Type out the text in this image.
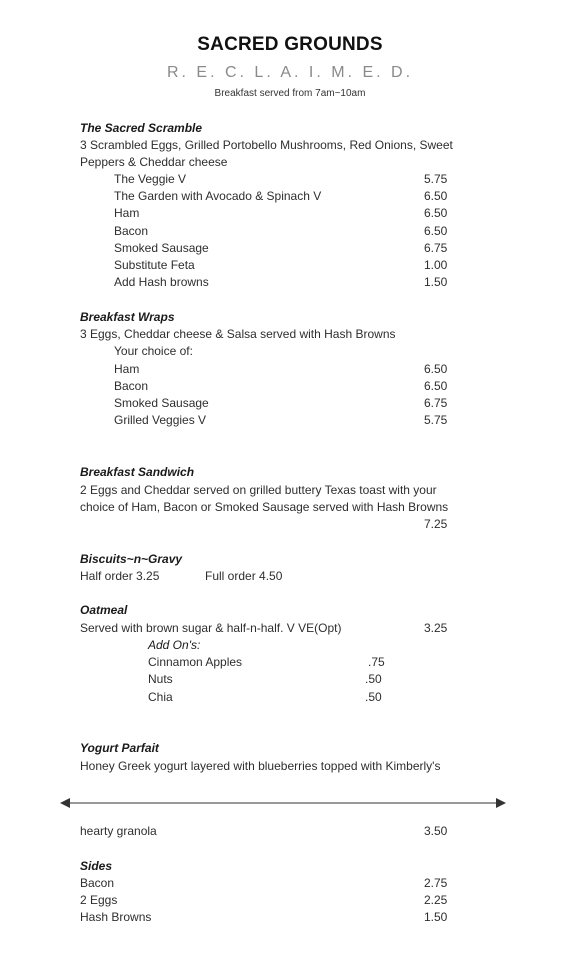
SACRED GROUNDS
R. E. C. L. A. I. M. E. D.
Breakfast served from 7am~10am
The Sacred Scramble
3 Scrambled Eggs, Grilled Portobello Mushrooms, Red Onions, Sweet
Peppers & Cheddar cheese
The Veggie V	5.75
The Garden with Avocado & Spinach V	6.50
Ham	6.50
Bacon	6.50
Smoked Sausage	6.75
Substitute Feta	1.00
Add Hash browns	1.50
Breakfast Wraps
3 Eggs, Cheddar cheese & Salsa served with Hash Browns
Your choice of:
Ham	6.50
Bacon	6.50
Smoked Sausage	6.75
Grilled Veggies V	5.75
Breakfast Sandwich
2 Eggs and Cheddar served on grilled buttery Texas toast with your
choice of Ham, Bacon or Smoked Sausage served with Hash Browns
7.25
Biscuits~n~Gravy
Half order 3.25	Full order 4.50
Oatmeal
Served with brown sugar & half-n-half. V VE(Opt)	3.25
Add On's:
Cinnamon Apples	.75
Nuts	.50
Chia	.50
Yogurt Parfait
Honey Greek yogurt layered with blueberries topped with Kimberly's
hearty granola	3.50
Sides
Bacon	2.75
2 Eggs	2.25
Hash Browns	1.50
